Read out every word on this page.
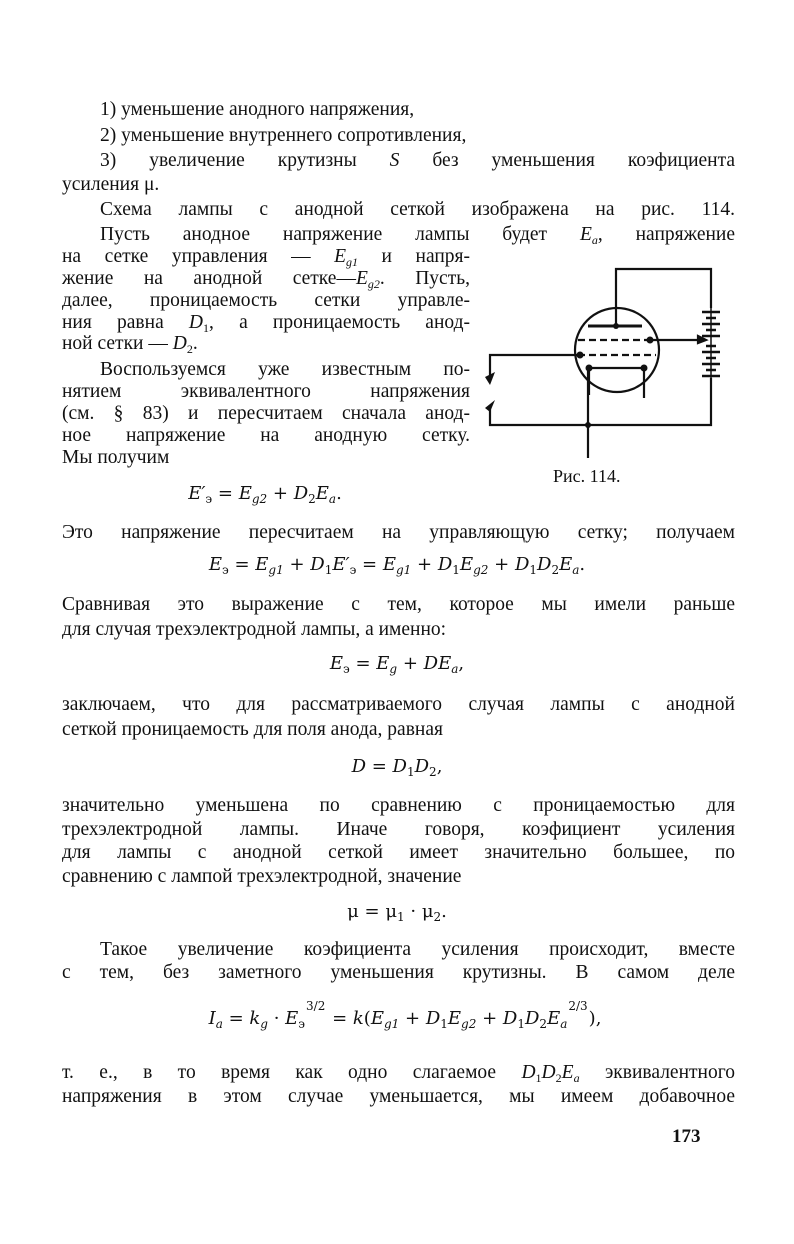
1) уменьшение анодного напряжения,
2) уменьшение внутреннего сопротивления,
3) увеличение крутизны S без уменьшения коэфициента
усиления μ.
Схема лампы с анодной сеткой изображена на рис. 114.
Пусть анодное напряжение лампы будет $E_a$, напряжение
на сетке управления — $E_{g1}$ и напря-
жение на анодной $сетке—E_{g2}$. Пусть,
далее, проницаемость сетки управле-
ния равна $D_1$, а проницаемость анод-
ной сетки — $D_2$.
Воспользуемся уже известным по-
нятием эквивалентного напряжения
(см. § 83) и пересчитаем сначала анод-
ное напряжение на анодную сетку.
Мы получим
$E'_э = E_{g2} + D_2E_a$.
Рис. 114.
Это напряжение пересчитаем на управляющую сетку; получаем
$E_э = E_{g1} + D_1E'_э = E_{g1} + D_1E_{g2} + D_1D_2E_a$.
Сравнивая это выражение с тем, которое мы имели раньше
для случая трехэлектродной лампы, а именно:
$E_э = E_g + DE_a$,
заключаем, что для рассматриваемого случая лампы с анодной
сеткой проницаемость для поля анода, равная
$D = D_1D_2$,
значительно уменьшена по сравнению с проницаемостью для
трехэлектродной лампы. Иначе говоря, коэфициент усиления
для лампы с анодной сеткой имеет значительно большее, по
сравнению с лампой трехэлектродной, значение
$\mu = \mu_1 \cdot \mu_2$.
Такое увеличение коэфициента усиления происходит, вместе
с тем, без заметного уменьшения крутизны. В самом деле
$I_a = k_g \cdot E_э3/2 = k(E_{g1} + D_1E_{g2} + D_1D_2E_a2/3)$,
т. е., в то время как одно слагаемое $D_1D_2E_a$ эквивалентного
напряжения в этом случае уменьшается, мы имеем добавочное
173
